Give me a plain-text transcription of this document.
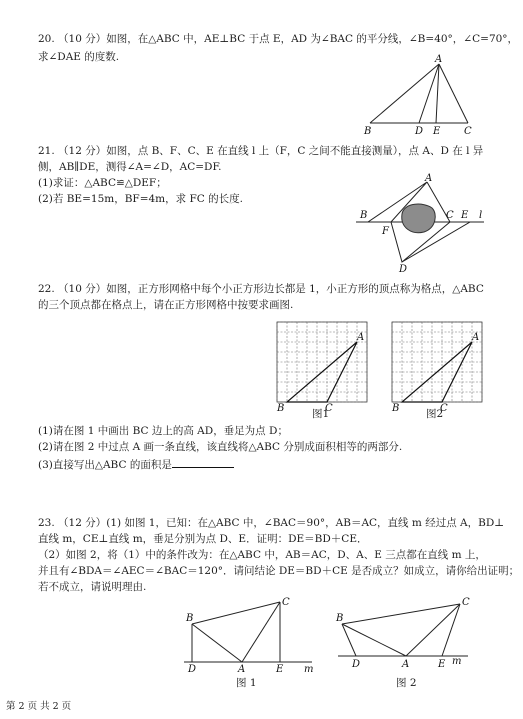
20. （10 分）如图，在△ABC 中，AE⊥BC 于点 E，AD 为∠BAC 的平分线，∠B=40°，∠C=70°，
求∠DAE 的度数.	A
B	D E C
21. （12 分）如图，点 B、F、C、E 在直线 l 上（F，C 之间不能直接测量），点 A、D 在 l 异
侧，AB∥DE，测得∠A=∠D，AC=DF.
(1)求证：△ABC≌△DEF；
(2)若 BE=15m，BF=4m，求 FC 的长度.
A
B
F
C E l
D
22. （10 分）如图，正方形网格中每个小正方形边长都是 1，小正方形的顶点称为格点，△ABC
的三个顶点都在格点上，请在正方形网格中按要求画图.
B	C
A
图1	B	C
A
图2
(1)请在图 1 中画出 BC 边上的高 AD，垂足为点 D；
(2)请在图 2 中过点 A 画一条直线，该直线将△ABC 分别成面积相等的两部分.
(3)直接写出△ABC 的面积是
23. （12 分）(1) 如图 1，已知：在△ABC 中，∠BAC＝90°，AB＝AC，直线 m 经过点 A，BD⊥
直线 m，CE⊥直线 m，垂足分别为点 D、E．证明：DE＝BD＋CE．
（2）如图 2，将（1）中的条件改为：在△ABC 中，AB＝AC，D、A、E 三点都在直线 m 上，
并且有∠BDA＝∠AEC＝∠BAC＝120°．请问结论 DE＝BD＋CE 是否成立？如成立，请你给出证明；
若不成立，请说明理由.
B
C
D	A	E m
图 1
B
C
D	A	E m
图 2
第 2 页 共 2 页
